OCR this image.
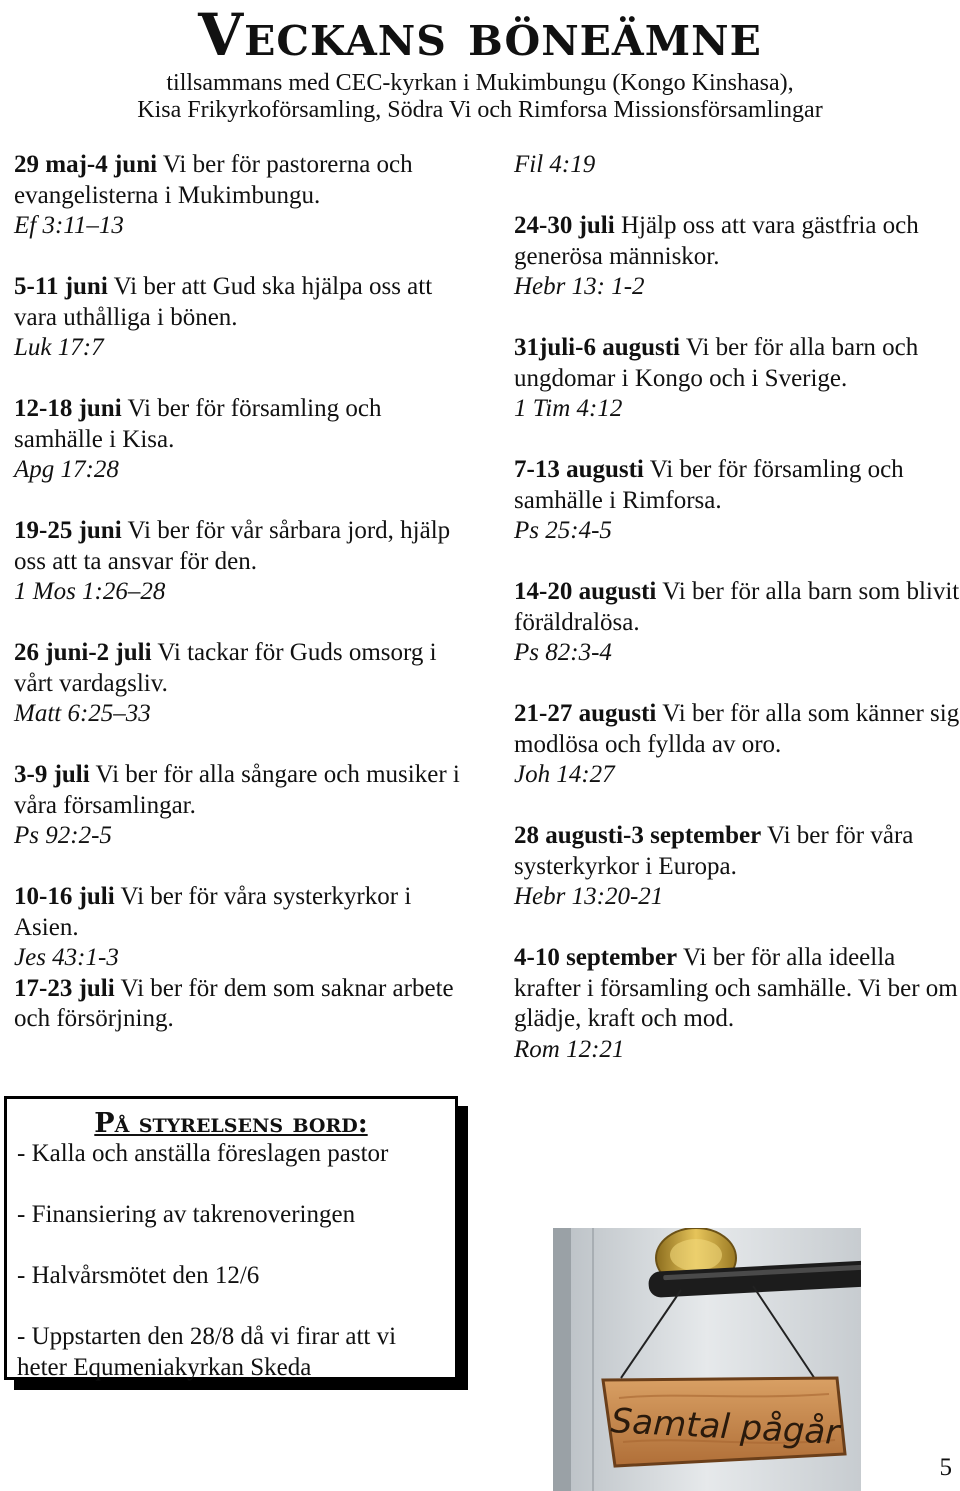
Veckans böneämne
tillsammans med CEC-kyrkan i Mukimbungu (Kongo Kinshasa),
Kisa Frikyrkoförsamling, Södra Vi och Rimforsa Missionsförsamlingar

29 maj-4 juni Vi ber för pastorerna och evangelisterna i Mukimbungu.

Ef 3:11–13

5-11 juni Vi ber att Gud ska hjälpa oss att vara uthålliga i bönen.

Luk 17:7

12-18 juni Vi ber för församling och samhälle i Kisa.

Apg 17:28

19-25 juni Vi ber för vår sårbara jord, hjälp oss att ta ansvar för den.

1 Mos 1:26–28

26 juni-2 juli Vi tackar för Guds omsorg i vårt vardagsliv.

Matt 6:25–33

3-9 juli Vi ber för alla sångare och musiker i våra församlingar.

Ps 92:2-5

10-16 juli Vi ber för våra systerkyrkor i Asien.

Jes 43:1-3

17-23 juli Vi ber för dem som saknar arbete och försörjning.

Fil 4:19

24-30 juli Hjälp oss att vara gästfria och generösa människor.

Hebr 13: 1-2

31juli-6 augusti Vi ber för alla barn och ungdomar i Kongo och i Sverige.

1 Tim 4:12

7-13 augusti Vi ber för församling och samhälle i Rimforsa.

Ps 25:4-5

14-20 augusti Vi ber för alla barn som blivit föräldralösa.

Ps 82:3-4

21-27 augusti Vi ber för alla som känner sig modlösa och fyllda av oro.

Joh 14:27

28 augusti-3 september Vi ber för våra systerkyrkor i Europa.

Hebr 13:20-21

4-10 september Vi ber för alla ideella krafter i församling och samhälle. Vi ber om glädje, kraft och mod.

Rom 12:21
På styrelsens bord:
- Kalla och anställa föreslagen pastor
- Finansiering av takrenoveringen
- Halvårsmötet den 12/6
- Uppstarten den 28/8 då vi firar att vi heter Equmeniakyrkan Skeda
Samtal pågår
5
